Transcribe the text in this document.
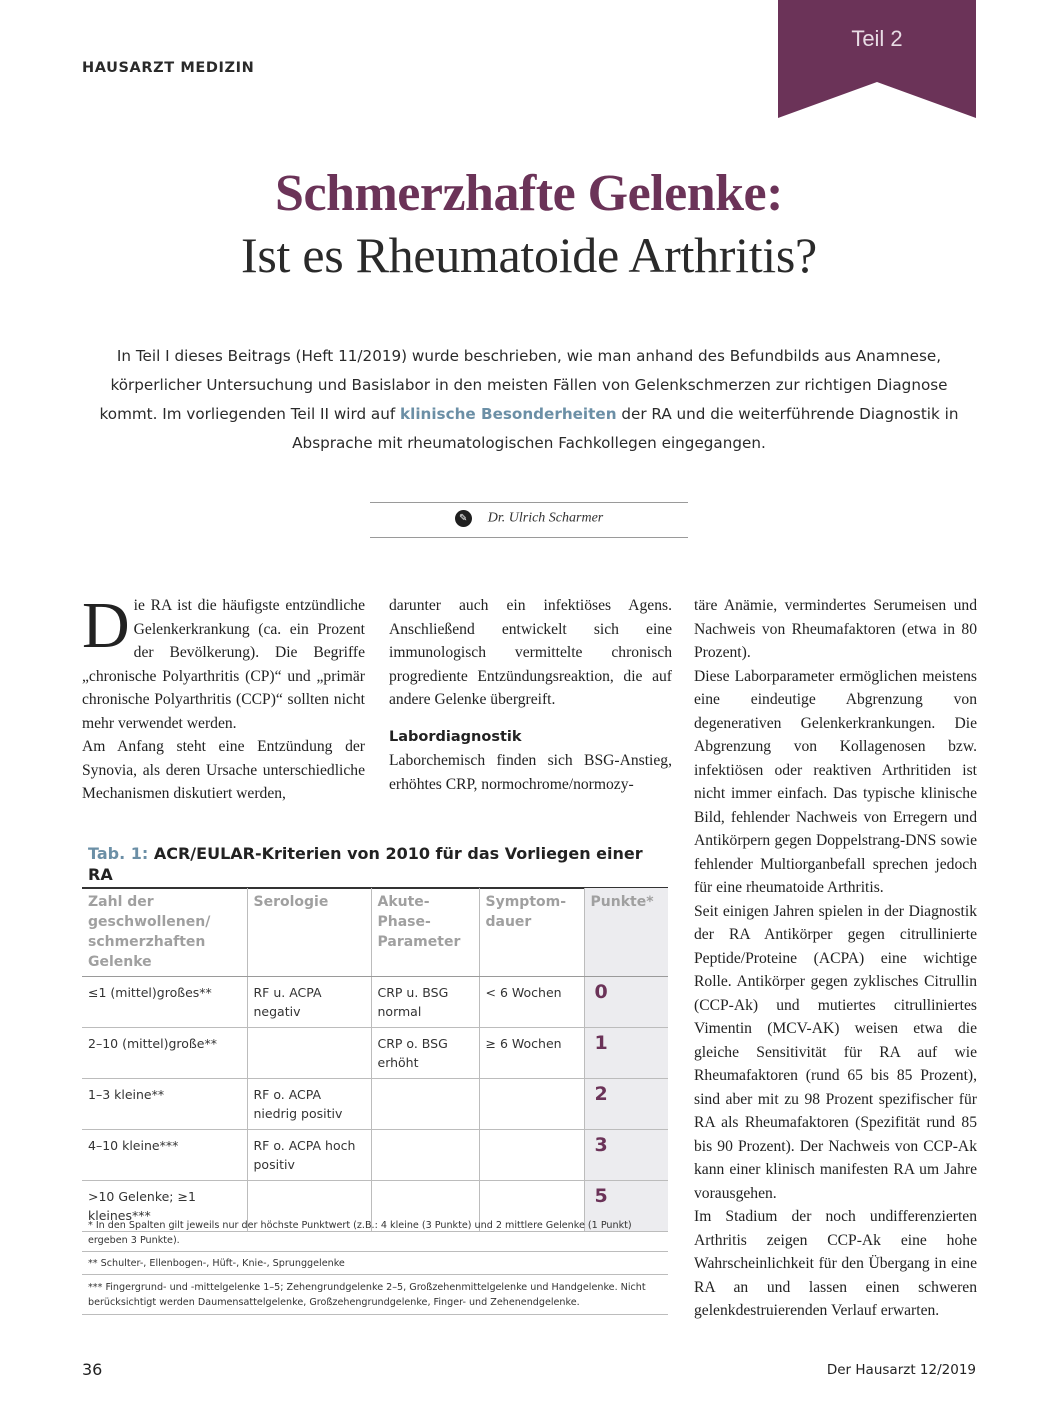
HAUSARZT MEDIZIN
Teil 2
Schmerzhafte Gelenke:
Ist es Rheumatoide Arthritis?
In Teil I dieses Beitrags (Heft 11/2019) wurde beschrieben, wie man anhand des Befundbilds aus Anamnese, körperlicher Untersuchung und Basislabor in den meisten Fällen von Gelenkschmerzen zur richtigen Diagnose kommt. Im vorliegenden Teil II wird auf klinische Besonderheiten der RA und die weiterführende Diagnostik in Absprache mit rheumatologischen Fachkollegen eingegangen.
✎ Dr. Ulrich Scharmer

Die RA ist die häufigste entzündliche Gelenkerkrankung (ca. ein Prozent der Bevölkerung). Die Begriffe „chronische Polyarthritis (CP)“ und „primär chronische Polyarthritis (CCP)“ sollten nicht mehr verwendet werden.

Am Anfang steht eine Entzündung der Synovia, als deren Ursache unterschiedliche Mechanismen diskutiert werden,

darunter auch ein infektiöses Agens. Anschließend entwickelt sich eine immunologisch vermittelte chronisch progrediente Entzündungsreaktion, die auf andere Gelenke übergreift.

Labordiagnostik

Laborchemisch finden sich BSG-Anstieg, erhöhtes CRP, normochrome/normozy-

täre Anämie, vermindertes Serumeisen und Nachweis von Rheumafaktoren (etwa in 80 Prozent).

Diese Laborparameter ermöglichen meistens eine eindeutige Abgrenzung von degenerativen Gelenkerkrankungen. Die Abgrenzung von Kollagenosen bzw. infektiösen oder reaktiven Arthritiden ist nicht immer einfach. Das typische klinische Bild, fehlender Nachweis von Erregern und Antikörpern gegen Doppelstrang-DNS sowie fehlender Multiorganbefall sprechen jedoch für eine rheumatoide Arthritis.

Seit einigen Jahren spielen in der Diagnostik der RA Antikörper gegen citrullinierte Peptide/Proteine (ACPA) eine wichtige Rolle. Antikörper gegen zyklisches Citrullin (CCP-Ak) und mutiertes citrulliniertes Vimentin (MCV-AK) weisen etwa die gleiche Sensitivität für RA auf wie Rheumafaktoren (rund 65 bis 85 Prozent), sind aber mit zu 98 Prozent spezifischer für RA als Rheumafaktoren (Spezifität rund 85 bis 90 Prozent). Der Nachweis von CCP-Ak kann einer klinisch manifesten RA um Jahre vorausgehen.

Im Stadium der noch undifferenzierten Arthritis zeigen CCP-Ak eine hohe Wahrscheinlichkeit für den Übergang in eine RA an und lassen einen schweren gelenkdestruierenden Verlauf erwarten.

Tab. 1: ACR/EULAR-Kriterien von 2010 für das Vorliegen einer RA
Zahl der geschwollenen/ schmerzhaften Gelenke	Serologie	Akute-Phase-Parameter	Symptom-dauer	Punkte*
≤1 (mittel)großes**	RF u. ACPA negativ	CRP u. BSG normal	< 6 Wochen	0
2–10 (mittel)große**		CRP o. BSG erhöht	≥ 6 Wochen	1
1–3 kleine**	RF o. ACPA niedrig positiv			2
4–10 kleine***	RF o. ACPA hoch positiv			3
>10 Gelenke; ≥1 kleines***				5
* In den Spalten gilt jeweils nur der höchste Punktwert (z.B.: 4 kleine (3 Punkte) und 2 mittlere Gelenke (1 Punkt) ergeben 3 Punkte).
** Schulter-, Ellenbogen-, Hüft-, Knie-, Sprunggelenke
*** Fingergrund- und -mittelgelenke 1–5; Zehengrundgelenke 2–5, Großzehenmittelgelenke und Handgelenke. Nicht berücksichtigt werden Daumensattelgelenke, Großzehengrundgelenke, Finger- und Zehenendgelenke.
36	Der Hausarzt 12/2019
